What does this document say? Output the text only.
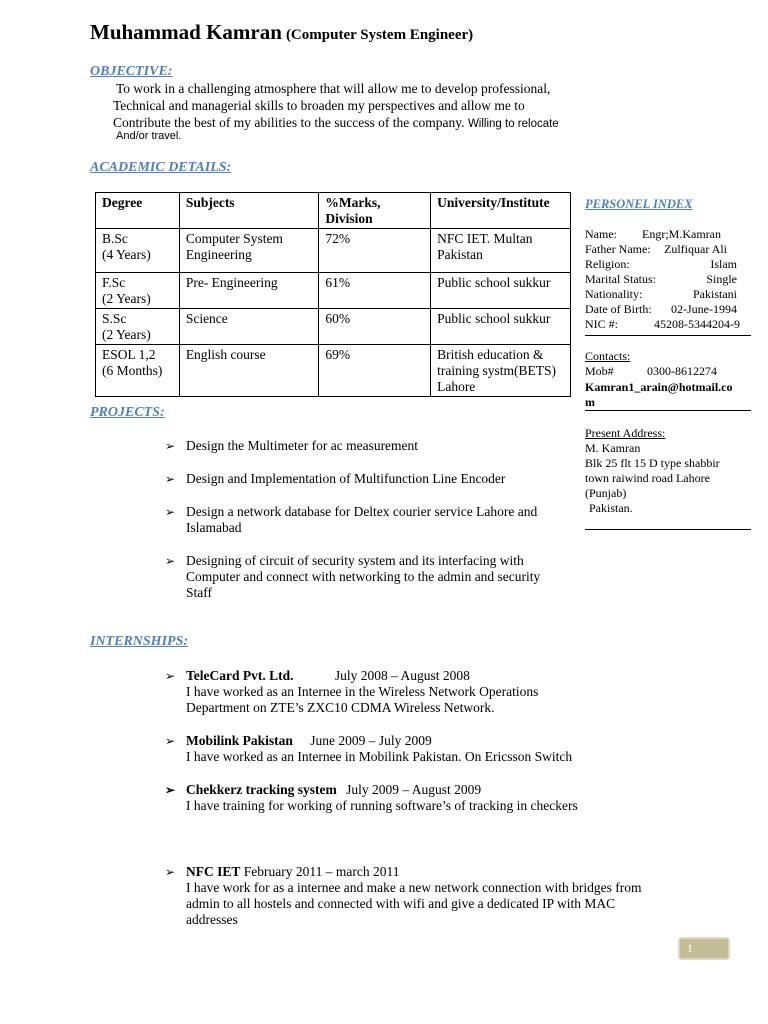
Muhammad Kamran (Computer System Engineer)
OBJECTIVE:
To work in a challenging atmosphere that will allow me to develop professional,
Technical and managerial skills to broaden my perspectives and allow me to
Contribute the best of my abilities to the success of the company. Willing to relocate
And/or travel.
ACADEMIC DETAILS:
Degree	Subjects	%Marks, Division	University/Institute

B.Sc
(4 Years)	Computer System Engineering	72%	NFC IET. Multan Pakistan

F.Sc
(2 Years)	Pre- Engineering	61%	Public school sukkur

S.Sc
(2 Years)	Science	60%	Public school sukkur

ESOL 1,2
(6 Months)	English course	69%	British education & training systm(BETS) Lahore
PROJECTS:
➢ Design the Multimeter for ac measurement
➢ Design and Implementation of Multifunction Line Encoder
➢ Design a network database for Deltex courier service Lahore and Islamabad
➢ Designing of circuit of security system and its interfacing with Computer and connect with networking to the admin and security Staff
INTERNSHIPS:
➢ TeleCard Pvt. Ltd.	July 2008 – August 2008
I have worked as an Internee in the Wireless Network Operations Department on ZTE’s ZXC10 CDMA Wireless Network.
➢ Mobilink Pakistan June 2009 – July 2009
I have worked as an Internee in Mobilink Pakistan. On Ericsson Switch
➢ Chekkerz tracking system July 2009 – August 2009
I have training for working of running software’s of tracking in checkers
➢ NFC IET February 2011 – march 2011
I have work for as a internee and make a new network connection with bridges from admin to all hostels and connected with wifi and give a dedicated IP with MAC addresses
PERSONEL INDEX
Name: Engr;M.Kamran
Father Name: Zulfiquar Ali
Religion:	Islam
Marital Status:	Single
Nationality:	Pakistani
Date of Birth: 02-June-1994
NIC #:	45208-5344204-9
Contacts:
Mob#	0300-8612274
Kamran1_arain@hotmail.co
m
Present Address:
M. Kamran
Blk 25 flt 15 D type shabbir
town raiwind road Lahore
(Punjab)
Pakistan.
1
